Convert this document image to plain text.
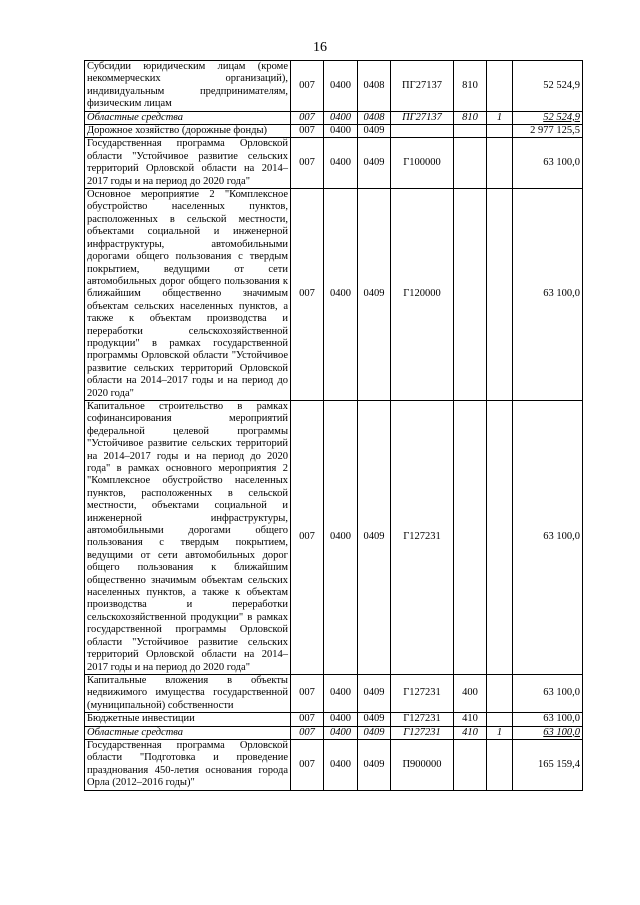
16
Субсидии юридическим лицам (кроме некоммерческих организаций), индивидуальным предпринимателям, физическим лицам	007	0400	0408	ПГ27137	810		52 524,9
Областные средства	007	0400	0408	ПГ27137	810	1	52 524,9
Дорожное хозяйство (дорожные фонды)	007	0400	0409				2 977 125,5
Государственная программа Орловской области "Устойчивое развитие сельских территорий Орловской области на 2014–2017 годы и на период до 2020 года"	007	0400	0409	Г100000			63 100,0
Основное мероприятие 2 "Комплексное обустройство населенных пунктов, расположенных в сельской местности, объектами социальной и инженерной инфраструктуры, автомобильными дорогами общего пользования с твердым покрытием, ведущими от сети автомобильных дорог общего пользования к ближайшим общественно значимым объектам сельских населенных пунктов, а также к объектам производства и переработки сельскохозяйственной продукции" в рамках государственной программы Орловской области "Устойчивое развитие сельских территорий Орловской области на 2014–2017 годы и на период до 2020 года"	007	0400	0409	Г120000			63 100,0
Капитальное строительство в рамках софинансирования мероприятий федеральной целевой программы "Устойчивое развитие сельских территорий на 2014–2017 годы и на период до 2020 года" в рамках основного мероприятия 2 "Комплексное обустройство населенных пунктов, расположенных в сельской местности, объектами социальной и инженерной инфраструктуры, автомобильными дорогами общего пользования с твердым покрытием, ведущими от сети автомобильных дорог общего пользования к ближайшим общественно значимым объектам сельских населенных пунктов, а также к объектам производства и переработки сельскохозяйственной продукции" в рамках государственной программы Орловской области "Устойчивое развитие сельских территорий Орловской области на 2014–2017 годы и на период до 2020 года"	007	0400	0409	Г127231			63 100,0
Капитальные вложения в объекты недвижимого имущества государственной (муниципальной) собственности	007	0400	0409	Г127231	400		63 100,0
Бюджетные инвестиции	007	0400	0409	Г127231	410		63 100,0
Областные средства	007	0400	0409	Г127231	410	1	63 100,0
Государственная программа Орловской области "Подготовка и проведение празднования 450-летия основания города Орла (2012–2016 годы)"	007	0400	0409	П900000			165 159,4
